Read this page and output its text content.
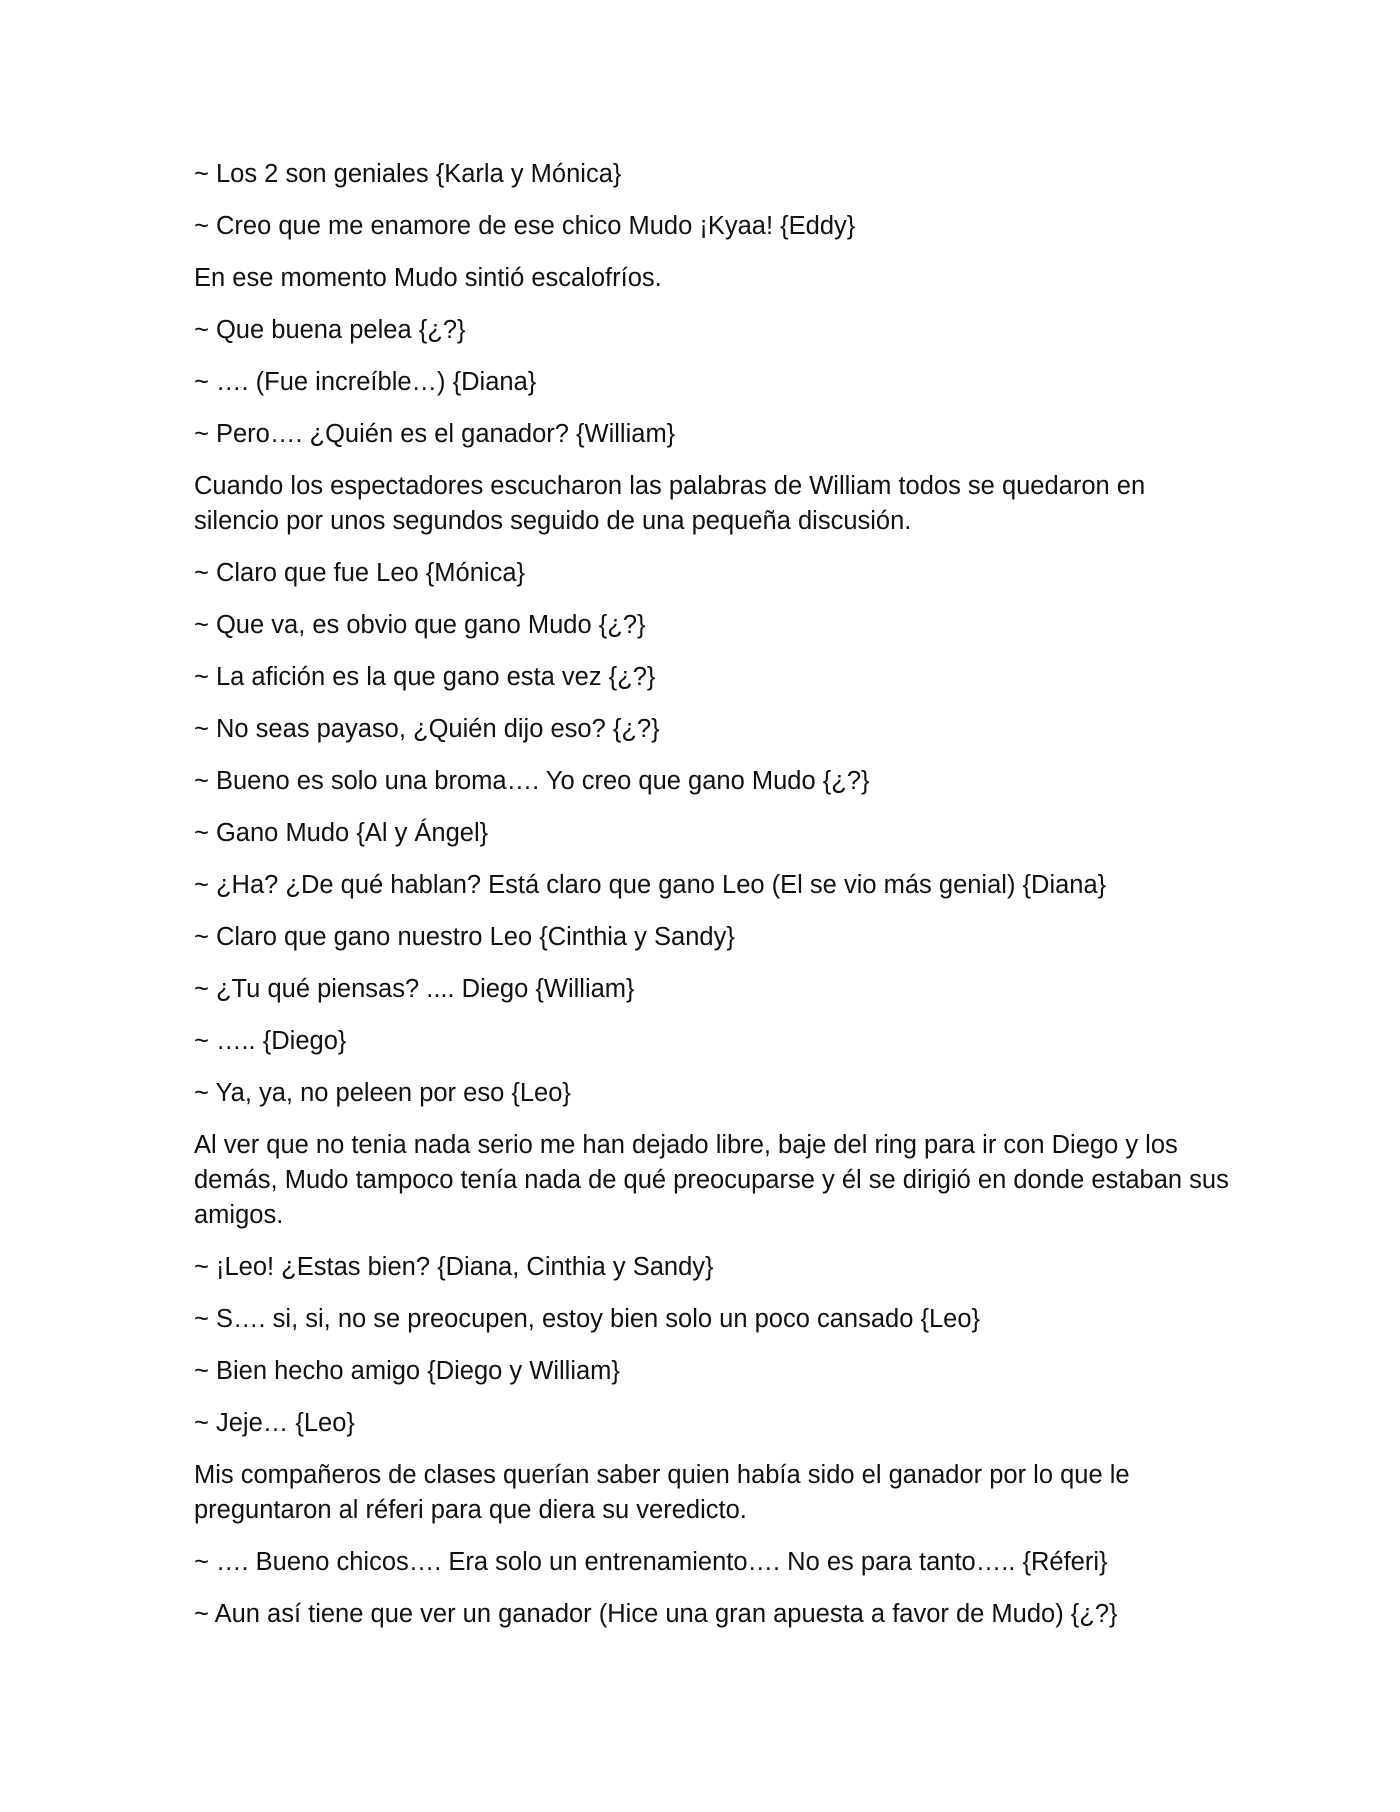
~ Los 2 son geniales {Karla y Mónica}

~ Creo que me enamore de ese chico Mudo ¡Kyaa! {Eddy}

En ese momento Mudo sintió escalofríos.

~ Que buena pelea {¿?}

~ …. (Fue increíble…) {Diana}

~ Pero…. ¿Quién es el ganador? {William}

Cuando los espectadores escucharon las palabras de William todos se quedaron en silencio por unos segundos seguido de una pequeña discusión.

~ Claro que fue Leo {Mónica}

~ Que va, es obvio que gano Mudo {¿?}

~ La afición es la que gano esta vez {¿?}

~ No seas payaso, ¿Quién dijo eso? {¿?}

~ Bueno es solo una broma…. Yo creo que gano Mudo {¿?}

~ Gano Mudo {Al y Ángel}

~ ¿Ha? ¿De qué hablan? Está claro que gano Leo (El se vio más genial) {Diana}

~ Claro que gano nuestro Leo {Cinthia y Sandy}

~ ¿Tu qué piensas? .... Diego {William}

~ ….. {Diego}

~ Ya, ya, no peleen por eso {Leo}

Al ver que no tenia nada serio me han dejado libre, baje del ring para ir con Diego y los demás, Mudo tampoco tenía nada de qué preocuparse y él se dirigió en donde estaban sus amigos.

~ ¡Leo! ¿Estas bien? {Diana, Cinthia y Sandy}

~ S…. si, si, no se preocupen, estoy bien solo un poco cansado {Leo}

~ Bien hecho amigo {Diego y William}

~ Jeje… {Leo}

Mis compañeros de clases querían saber quien había sido el ganador por lo que le preguntaron al réferi para que diera su veredicto.

~ …. Bueno chicos…. Era solo un entrenamiento…. No es para tanto….. {Réferi}

~ Aun así tiene que ver un ganador (Hice una gran apuesta a favor de Mudo) {¿?}
